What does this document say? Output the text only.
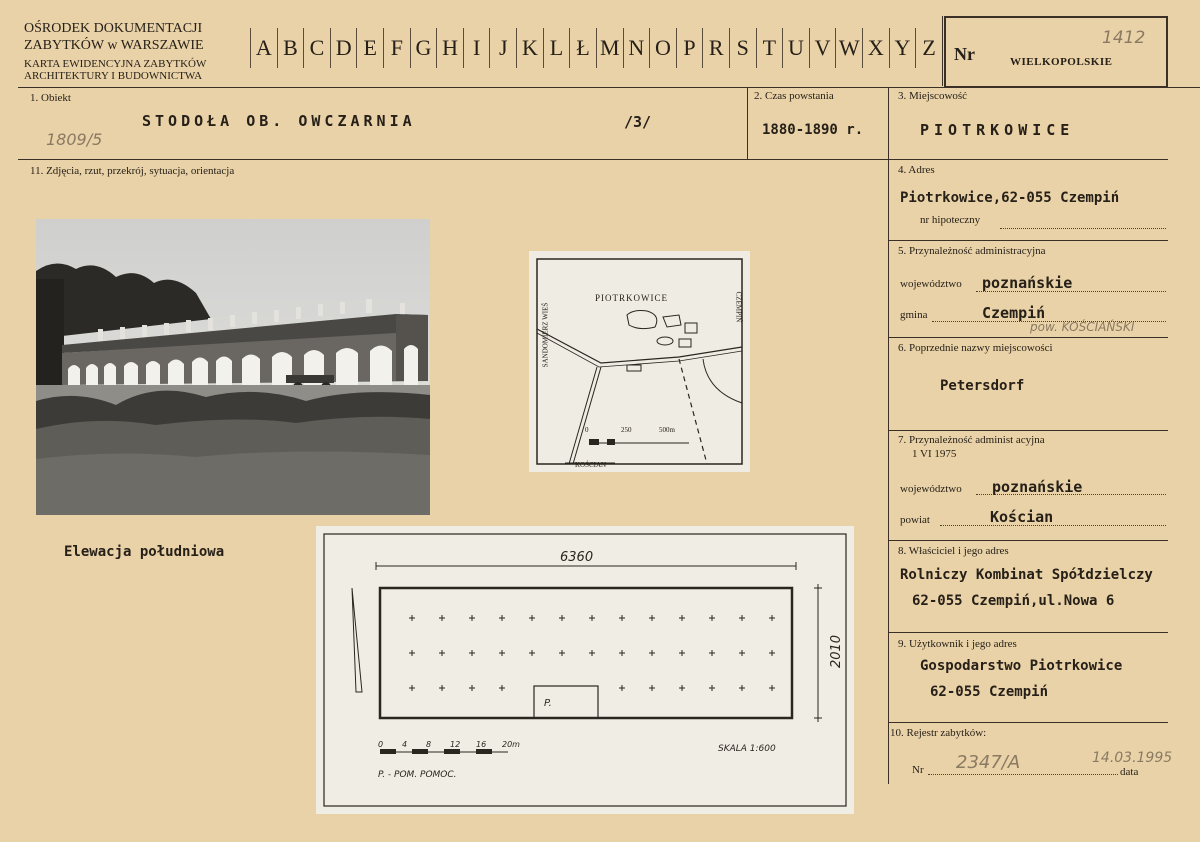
OŚRODEK DOKUMENTACJI
ZABYTKÓW w WARSZAWIE
KARTA EWIDENCYJNA ZABYTKÓW
ARCHITEKTURY I BUDOWNICTWA
A B C D E F G H I J K L Ł M N O P R S T U V W X Y Z	Nr	WIELKOPOLSKIE
1412
1. Obiekt
STODOŁA OB. OWCZARNIA	/3/
1809/5
2. Czas powstania
1880-1890 r.
3. Miejscowość
PIOTRKOWICE
11. Zdjęcia, rzut, przekrój, sytuacja, orientacja
Elewacja południowa
PIOTRKOWICE
SANDOMIERZ WIEŚ	CZEMPIŃ
KOŚCIAN
0	250	500m
6360
2010
P.
0 4 8 12 16 20m	SKALA 1:600
P. - POM. POMOC.
4. Adres
Piotrkowice,62-055 Czempiń
nr hipoteczny
5. Przynależność administracyjna
województwo poznańskie
gmina	Czempiń
pow. KOŚCIAŃSKI
6. Poprzednie nazwy miejscowości
Petersdorf
7. Przynależność administ acyjna
1 VI 1975
województwo poznańskie
powiat	Kościan
8. Właściciel i jego adres
Rolniczy Kombinat Spółdzielczy
62-055 Czempiń,ul.Nowa 6
9. Użytkownik i jego adres
Gospodarstwo Piotrkowice
62-055 Czempiń
10. Rejestr zabytków:
Nr 2347/A	14.03.1995
data
